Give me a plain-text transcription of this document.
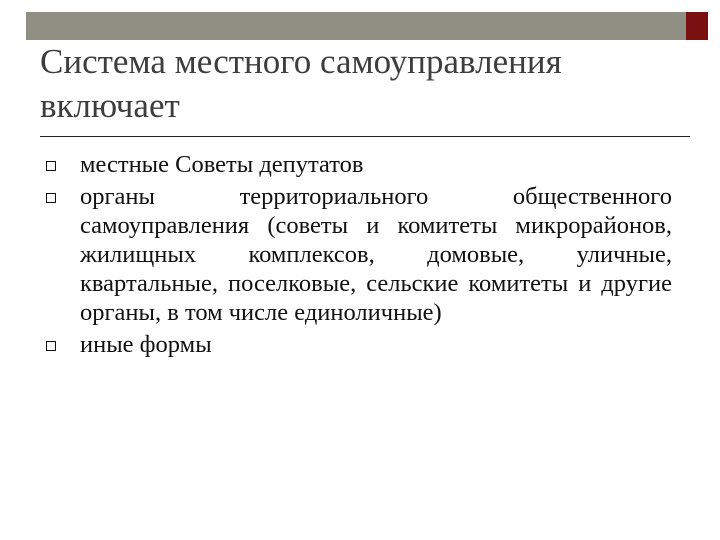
Система местного самоуправления включает
местные Советы депутатов
органы территориального общественного самоуправления (советы и комитеты микрорайонов, жилищных комплексов, домовые, уличные, квартальные, поселковые, сельские комитеты и другие органы, в том числе единоличные)
иные формы
